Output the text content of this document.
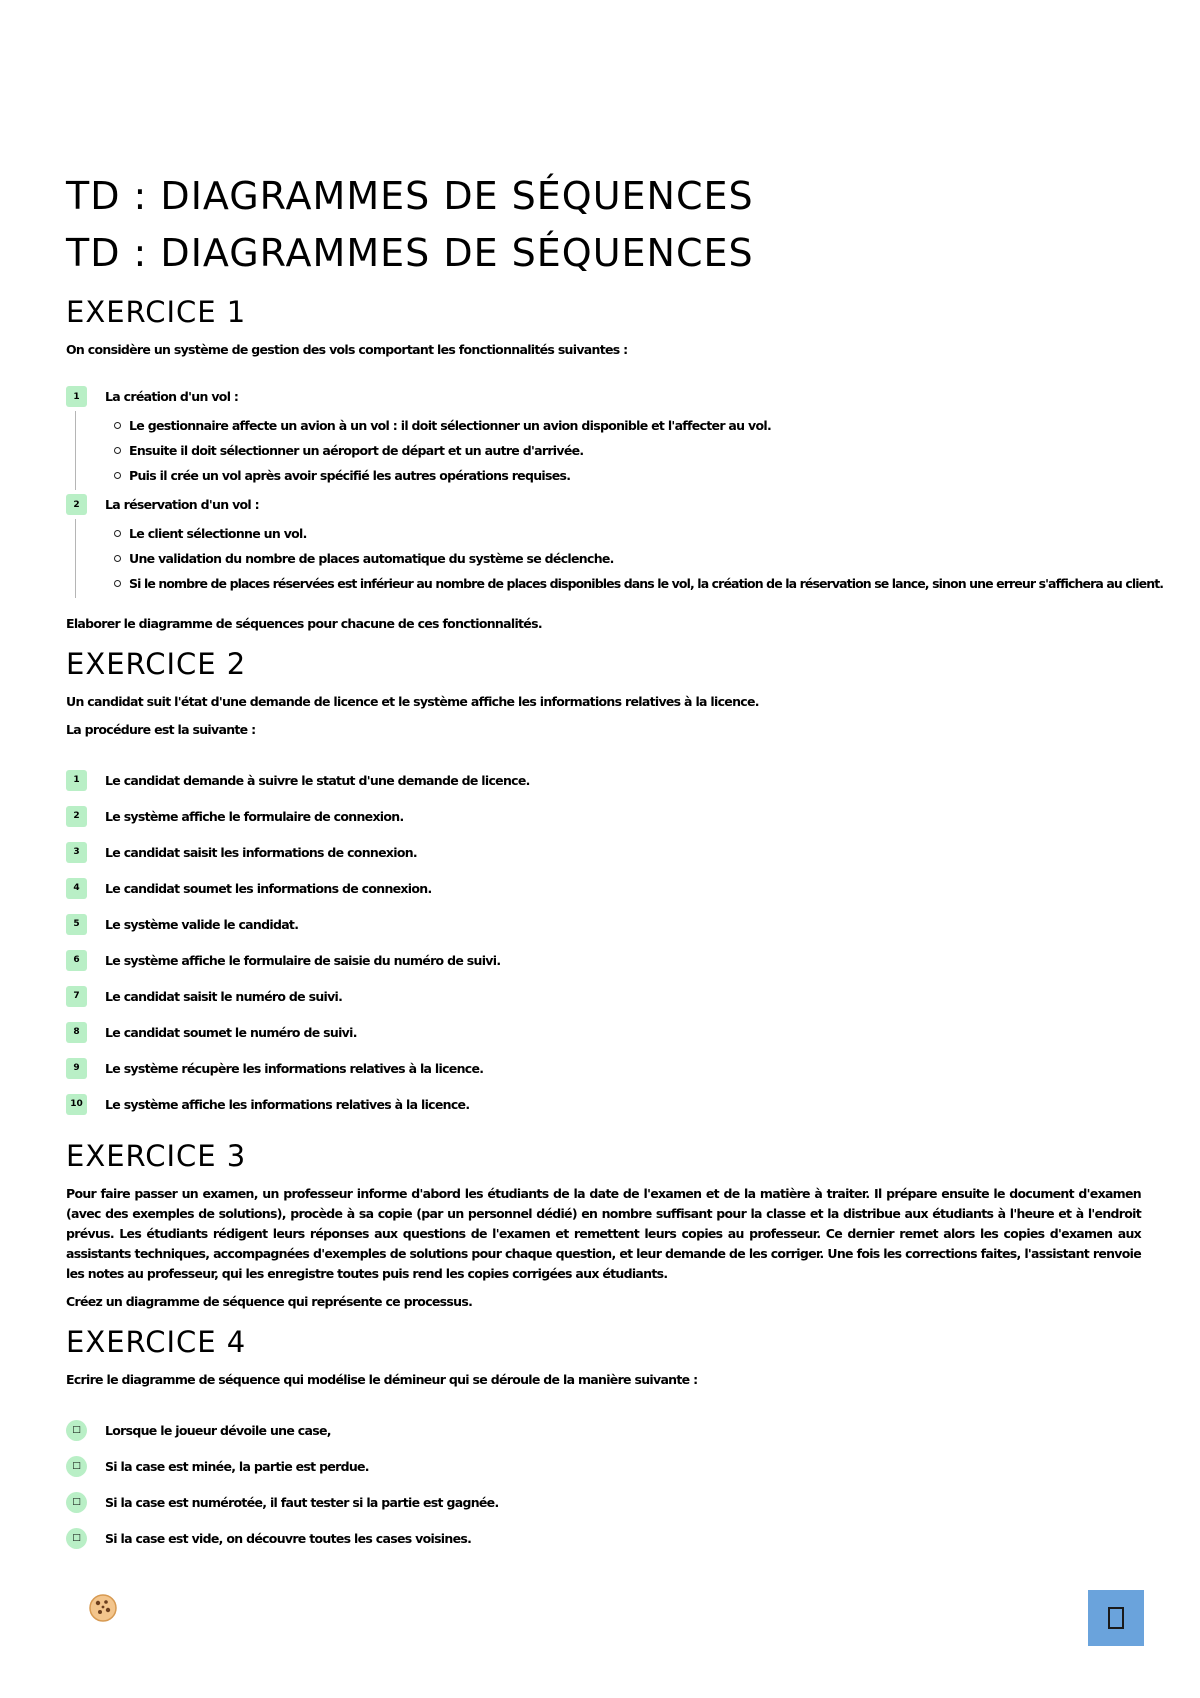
TD : DIAGRAMMES DE SÉQUENCES
TD : DIAGRAMMES DE SÉQUENCES
EXERCICE 1

On considère un système de gestion des vols comportant les fonctionnalités suivantes :

1	La création d'un vol :
Le gestionnaire affecte un avion à un vol : il doit sélectionner un avion disponible et l'affecter au vol.
Ensuite il doit sélectionner un aéroport de départ et un autre d'arrivée.
Puis il crée un vol après avoir spécifié les autres opérations requises.
2	La réservation d'un vol :
Le client sélectionne un vol.
Une validation du nombre de places automatique du système se déclenche.
Si le nombre de places réservées est inférieur au nombre de places disponibles dans le vol, la création de la réservation se lance, sinon une erreur s'affichera au client.

Elaborer le diagramme de séquences pour chacune de ces fonctionnalités.

EXERCICE 2

Un candidat suit l'état d'une demande de licence et le système affiche les informations relatives à la licence.

La procédure est la suivante :

1	Le candidat demande à suivre le statut d'une demande de licence.
2	Le système affiche le formulaire de connexion.
3	Le candidat saisit les informations de connexion.
4	Le candidat soumet les informations de connexion.
5	Le système valide le candidat.
6	Le système affiche le formulaire de saisie du numéro de suivi.
7	Le candidat saisit le numéro de suivi.
8	Le candidat soumet le numéro de suivi.
9	Le système récupère les informations relatives à la licence.
10	Le système affiche les informations relatives à la licence.
EXERCICE 3

Pour faire passer un examen, un professeur informe d'abord les étudiants de la date de l'examen et de la matière à traiter. Il prépare ensuite le document d'examen (avec des exemples de solutions), procède à sa copie (par un personnel dédié) en nombre suffisant pour la classe et la distribue aux étudiants à l'heure et à l'endroit prévus. Les étudiants rédigent leurs réponses aux questions de l'examen et remettent leurs copies au professeur. Ce dernier remet alors les copies d'examen aux assistants techniques, accompagnées d'exemples de solutions pour chaque question, et leur demande de les corriger. Une fois les corrections faites, l'assistant renvoie les notes au professeur, qui les enregistre toutes puis rend les copies corrigées aux étudiants.

Créez un diagramme de séquence qui représente ce processus.

EXERCICE 4

Ecrire le diagramme de séquence qui modélise le démineur qui se déroule de la manière suivante :

□	Lorsque le joueur dévoile une case,
□	Si la case est minée, la partie est perdue.
□	Si la case est numérotée, il faut tester si la partie est gagnée.
□	Si la case est vide, on découvre toutes les cases voisines.
